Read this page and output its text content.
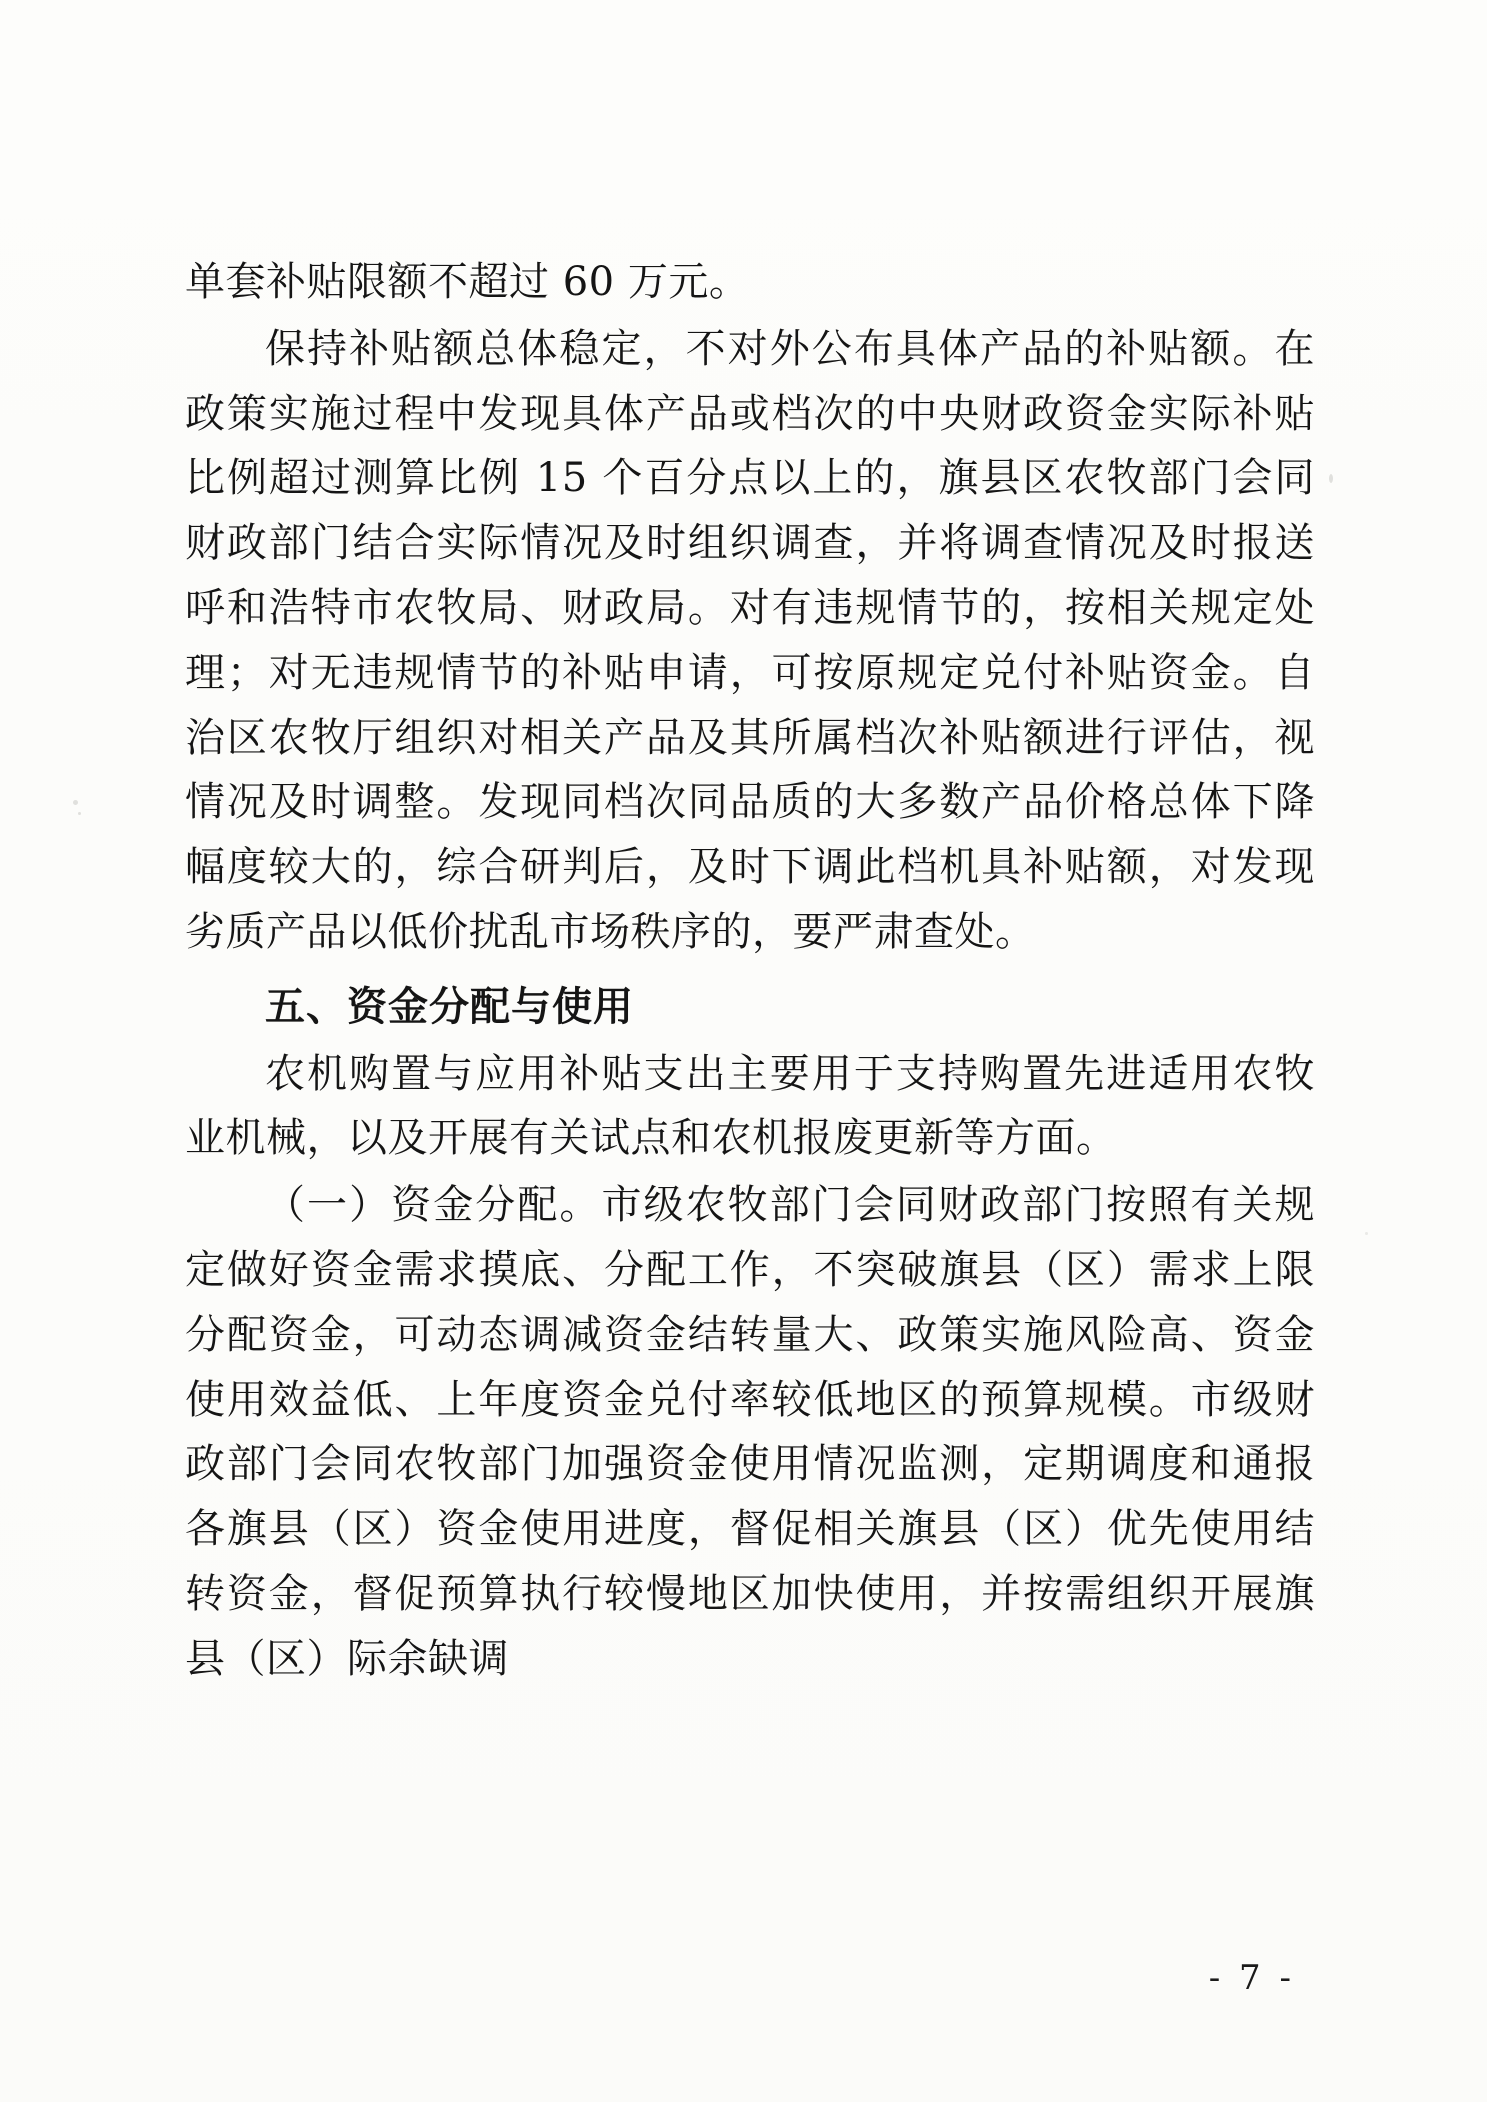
单套补贴限额不超过 60 万元。

保持补贴额总体稳定，不对外公布具体产品的补贴额。在政策实施过程中发现具体产品或档次的中央财政资金实际补贴比例超过测算比例 15 个百分点以上的，旗县区农牧部门会同财政部门结合实际情况及时组织调查，并将调查情况及时报送呼和浩特市农牧局、财政局。对有违规情节的，按相关规定处理；对无违规情节的补贴申请，可按原规定兑付补贴资金。自治区农牧厅组织对相关产品及其所属档次补贴额进行评估，视情况及时调整。发现同档次同品质的大多数产品价格总体下降幅度较大的，综合研判后，及时下调此档机具补贴额，对发现劣质产品以低价扰乱市场秩序的，要严肃查处。

五、资金分配与使用

农机购置与应用补贴支出主要用于支持购置先进适用农牧业机械，以及开展有关试点和农机报废更新等方面。

（一）资金分配。市级农牧部门会同财政部门按照有关规定做好资金需求摸底、分配工作，不突破旗县（区）需求上限分配资金，可动态调减资金结转量大、政策实施风险高、资金使用效益低、上年度资金兑付率较低地区的预算规模。市级财政部门会同农牧部门加强资金使用情况监测，定期调度和通报各旗县（区）资金使用进度，督促相关旗县（区）优先使用结转资金，督促预算执行较慢地区加快使用，并按需组织开展旗县（区）际余缺调

- 7 -
